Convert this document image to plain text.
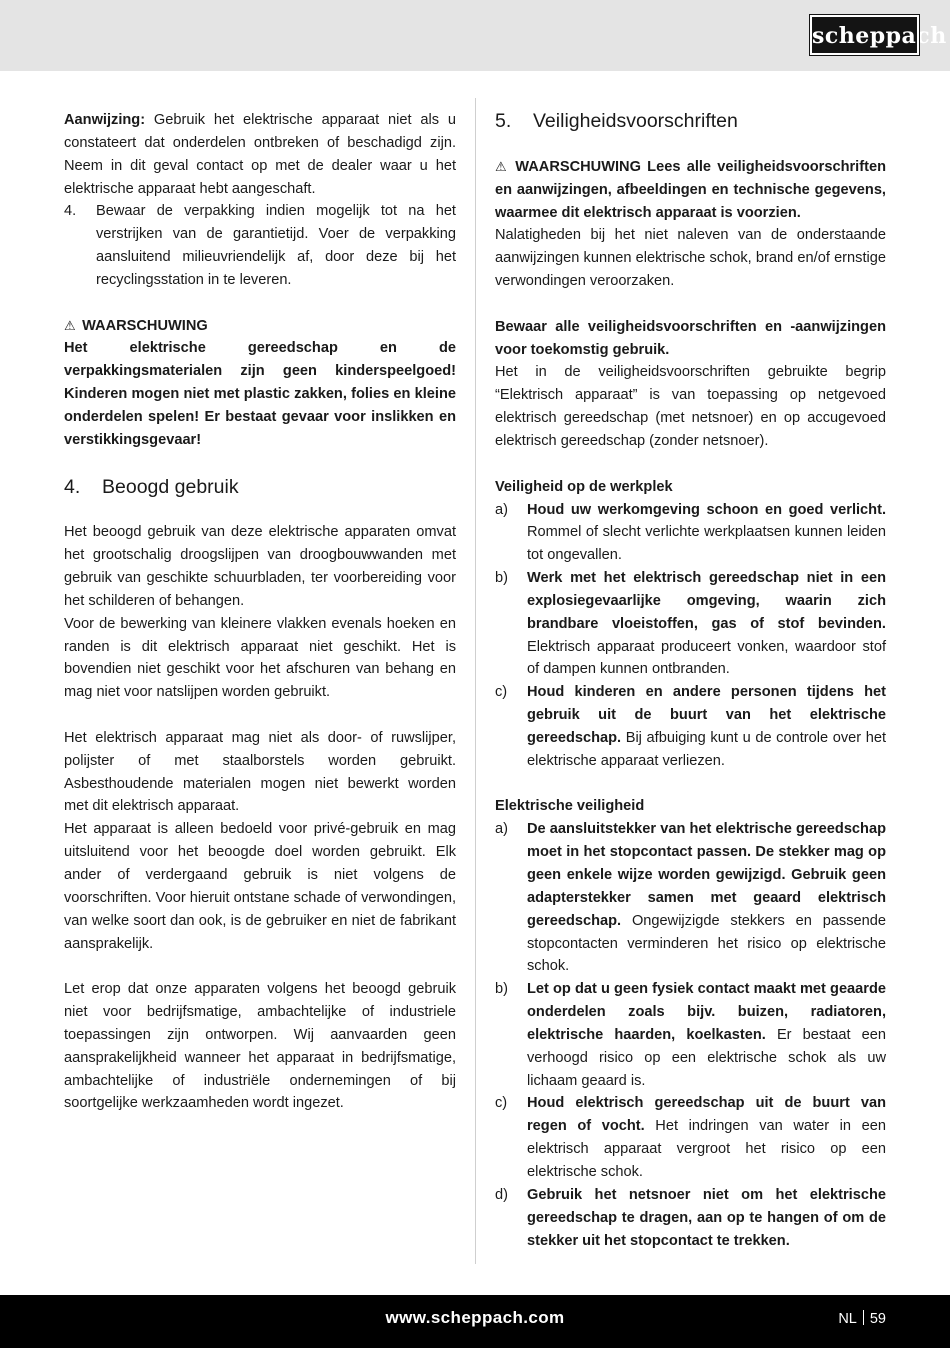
scheppach

Aanwijzing: Gebruik het elektrische apparaat niet als u constateert dat onderdelen ontbreken of beschadigd zijn. Neem in dit geval contact op met de dealer waar u het elektrische apparaat hebt aangeschaft.

4.	Bewaar de verpakking indien mogelijk tot na het verstrijken van de garantietijd. Voer de verpakking aansluitend milieuvriendelijk af, door deze bij het recyclingsstation in te leveren.

⚠ WAARSCHUWING

Het elektrische gereedschap en de verpakkingsmaterialen zijn geen kinderspeelgoed! Kinderen mogen niet met plastic zakken, folies en kleine onderdelen spelen! Er bestaat gevaar voor inslikken en verstikkingsgevaar!

4.	Beoogd gebruik

Het beoogd gebruik van deze elektrische apparaten omvat het grootschalig droogslijpen van droogbouwwanden met gebruik van geschikte schuurbladen, ter voorbereiding voor het schilderen of behangen.

Voor de bewerking van kleinere vlakken evenals hoeken en randen is dit elektrisch apparaat niet geschikt. Het is bovendien niet geschikt voor het afschuren van behang en mag niet voor natslijpen worden gebruikt.

Het elektrisch apparaat mag niet als door- of ruwslijper, polijster of met staalborstels worden gebruikt. Asbesthoudende materialen mogen niet bewerkt worden met dit elektrisch apparaat.

Het apparaat is alleen bedoeld voor privé-gebruik en mag uitsluitend voor het beoogde doel worden gebruikt. Elk ander of verdergaand gebruik is niet volgens de voorschriften. Voor hieruit ontstane schade of verwondingen, van welke soort dan ook, is de gebruiker en niet de fabrikant aansprakelijk.

Let erop dat onze apparaten volgens het beoogd gebruik niet voor bedrijfsmatige, ambachtelijke of industriele toepassingen zijn ontworpen. Wij aanvaarden geen aansprakelijkheid wanneer het apparaat in bedrijfsmatige, ambachtelijke of industriële ondernemingen of bij soortgelijke werkzaamheden wordt ingezet.

5.	Veiligheidsvoorschriften

⚠ WAARSCHUWING Lees alle veiligheidsvoorschriften en aanwijzingen, afbeeldingen en technische gegevens, waarmee dit elektrisch apparaat is voorzien.

Nalatigheden bij het niet naleven van de onderstaande aanwijzingen kunnen elektrische schok, brand en/of ernstige verwondingen veroorzaken.

Bewaar alle veiligheidsvoorschriften en -aanwijzingen voor toekomstig gebruik.

Het in de veiligheidsvoorschriften gebruikte begrip “Elektrisch apparaat” is van toepassing op netgevoed elektrisch gereedschap (met netsnoer) en op accugevoed elektrisch gereedschap (zonder netsnoer).

Veiligheid op de werkplek

a)	Houd uw werkomgeving schoon en goed verlicht. Rommel of slecht verlichte werkplaatsen kunnen leiden tot ongevallen.
b)	Werk met het elektrisch gereedschap niet in een explosiegevaarlijke omgeving, waarin zich brandbare vloeistoffen, gas of stof bevinden. Elektrisch apparaat produceert vonken, waardoor stof of dampen kunnen ontbranden.
c)	Houd kinderen en andere personen tijdens het gebruik uit de buurt van het elektrische gereedschap. Bij afbuiging kunt u de controle over het elektrische apparaat verliezen.

Elektrische veiligheid

a)	De aansluitstekker van het elektrische gereedschap moet in het stopcontact passen. De stekker mag op geen enkele wijze worden gewijzigd. Gebruik geen adapterstekker samen met geaard elektrisch gereedschap. Ongewijzigde stekkers en passende stopcontacten verminderen het risico op elektrische schok.
b)	Let op dat u geen fysiek contact maakt met geaarde onderdelen zoals bijv. buizen, radiatoren, elektrische haarden, koelkasten. Er bestaat een verhoogd risico op een elektrische schok als uw lichaam geaard is.
c)	Houd elektrisch gereedschap uit de buurt van regen of vocht. Het indringen van water in een elektrisch apparaat vergroot het risico op een elektrische schok.
d)	Gebruik het netsnoer niet om het elektrische gereedschap te dragen, aan op te hangen of om de stekker uit het stopcontact te trekken.
www.scheppach.com	NL 59
